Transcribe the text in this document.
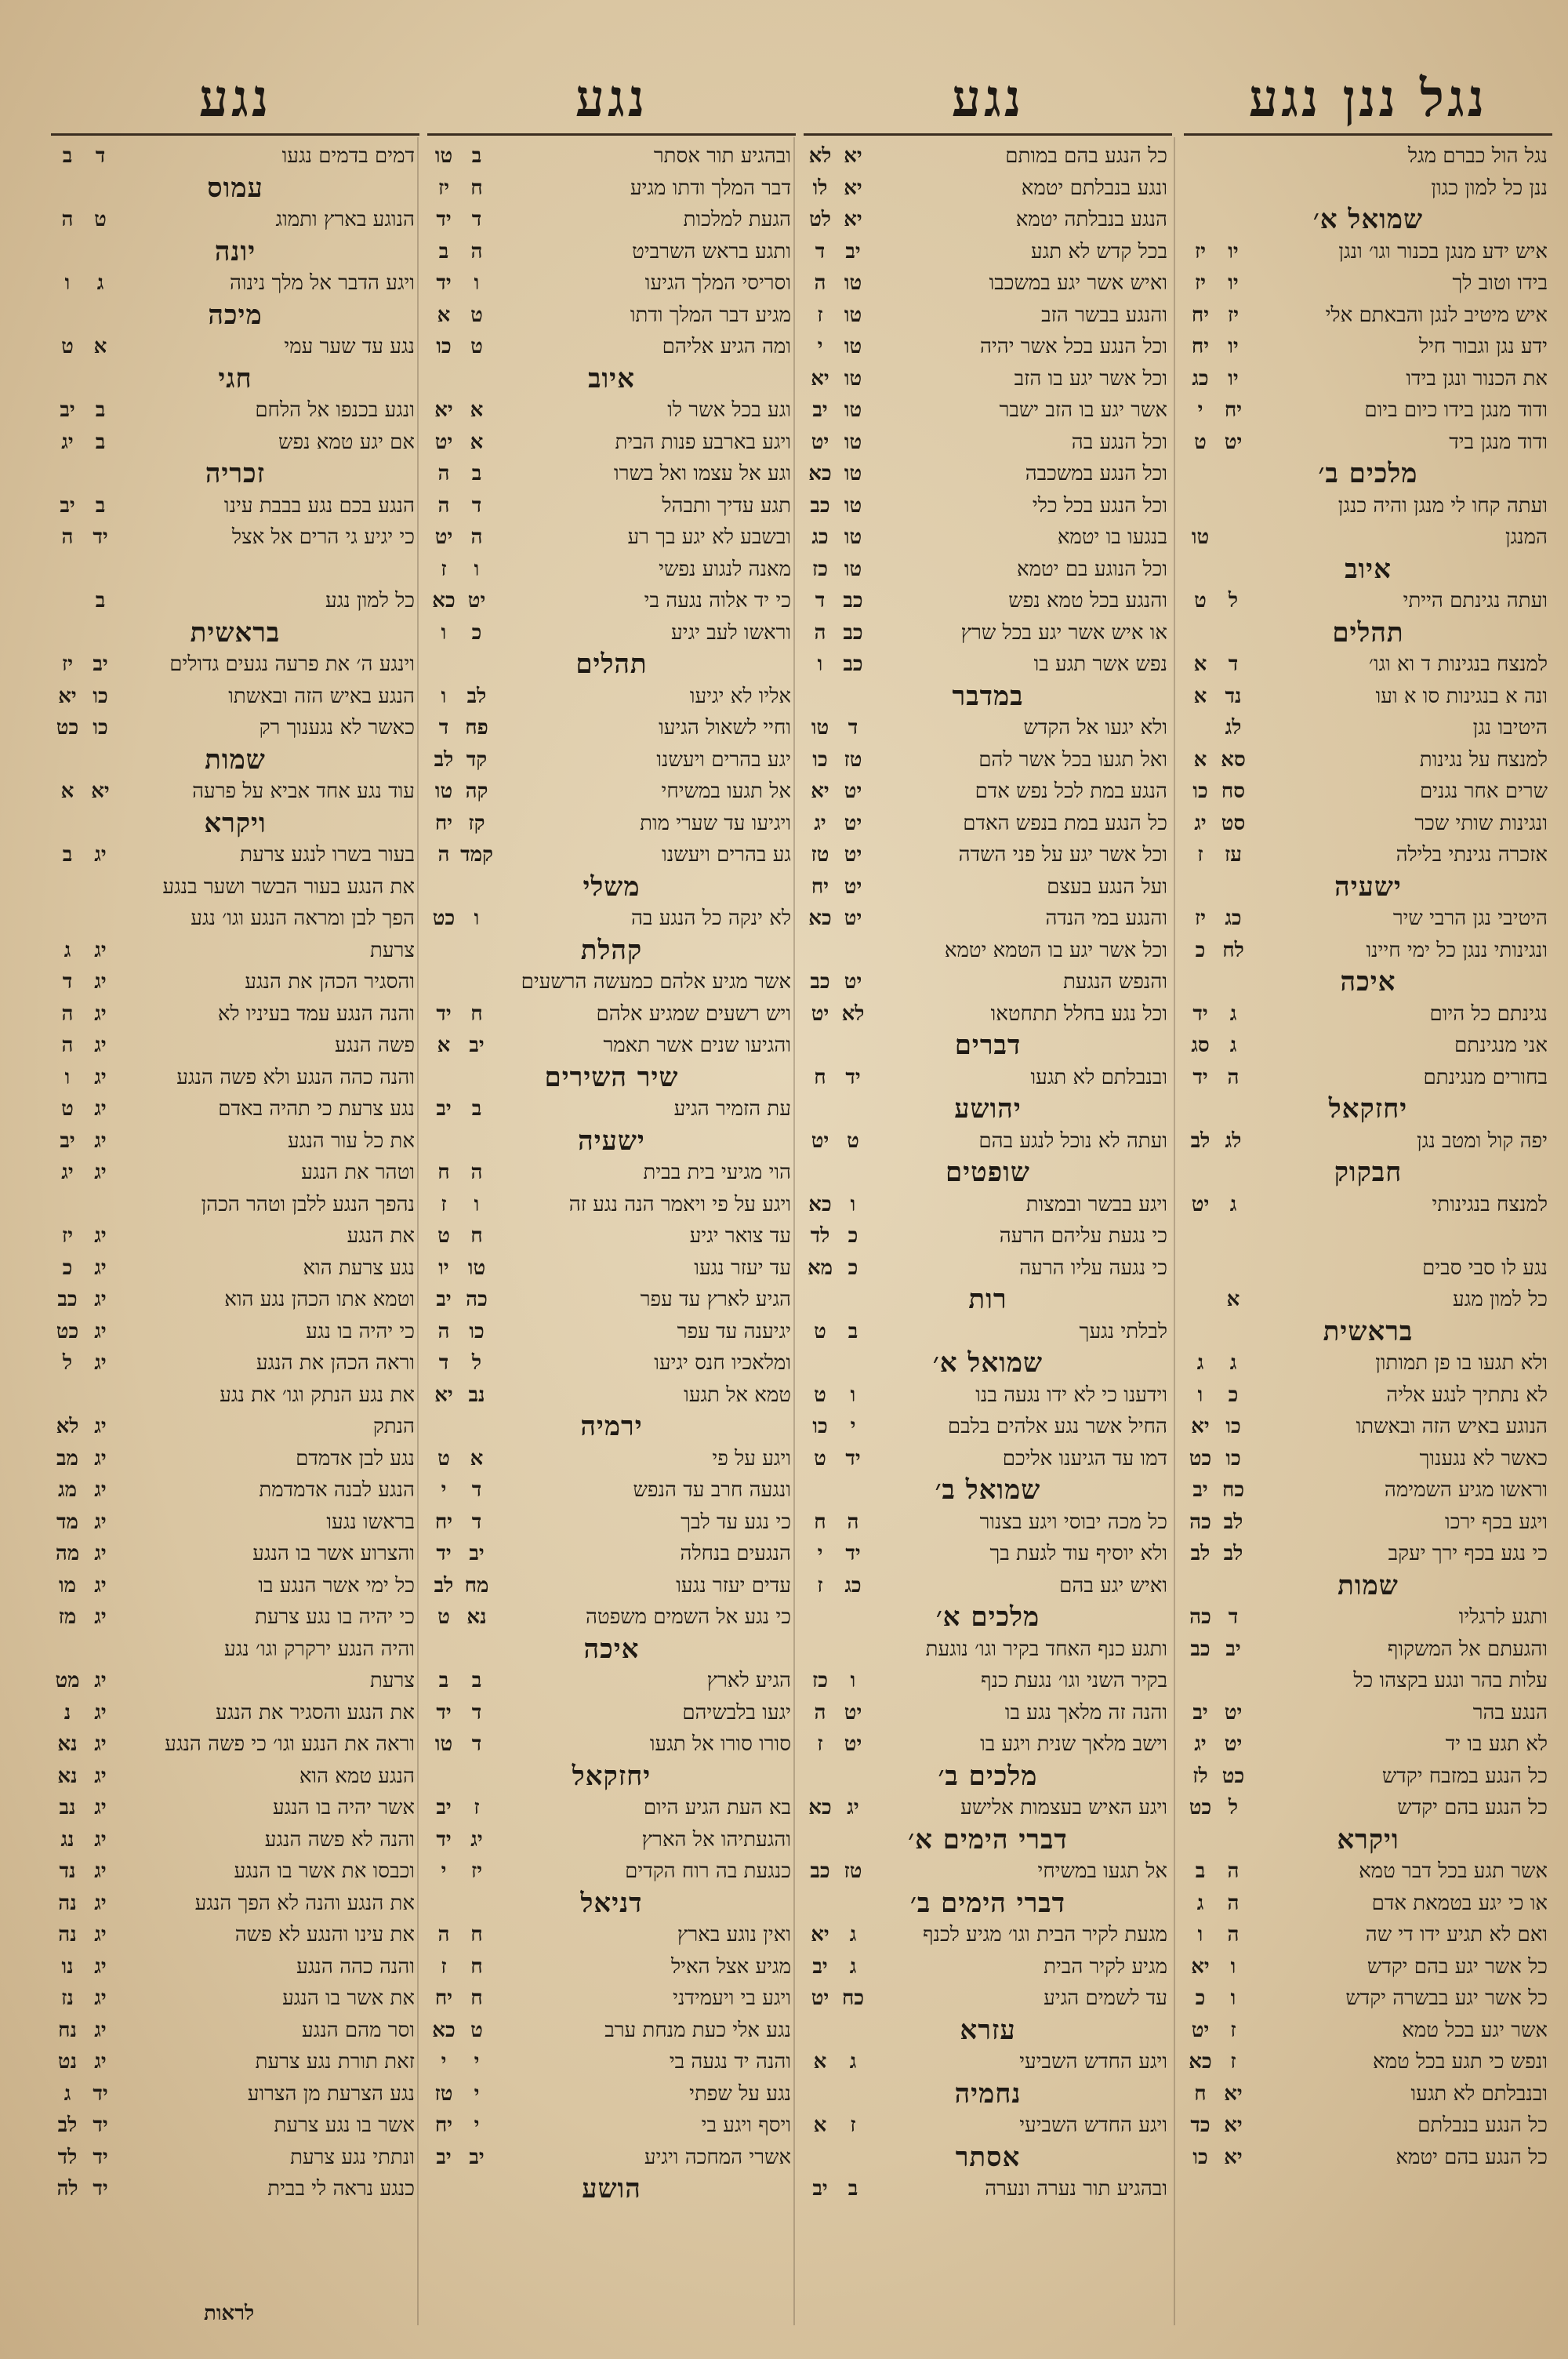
נגל ננן נגע
נגל הול כברם מגל
ננן כל למון כגון
שמואל א׳
איש ידע מנגן בכנור וגו׳ ונגן
יו
יז
בידו וטוב לך
יו
יז
איש מיטיב לנגן והבאתם אלי
יז
יח
ידע נגן וגבור חיל
יו
יח
את הכנור ונגן בידו
יו
כג
ודוד מנגן בידו כיום ביום
יח
י
ודוד מנגן ביד
יט
ט
מלכים ב׳
ועתה קחו לי מנגן והיה כנגן
המנגן
טו
איוב
ועתה נגינתם הייתי
ל
ט
תהלים
למנצח בנגינות ד וא וגו׳
ד
א
ונה א בנגינות סו א ועו
נד
א
היטיבו נגן
לג
למנצח על נגינות
סא
א
שרים אחר נגנים
סח
כו
ונגינות שותי שכר
סט
יג
אזכרה נגינתי בלילה
עז
ז
ישעיה
היטיבי נגן הרבי שיר
כג
יז
ונגינותי ננגן כל ימי חיינו
לח
כ
איכה
נגינתם כל היום
ג
יד
אני מנגינתם
ג
סג
בחורים מנגינתם
ה
יד
יחזקאל
יפה קול ומטב נגן
לג
לב
חבקוק
למנצח בנגינותי
ג
יט
נגע לו סבי סבים
כל למון מגע
א
בראשית
ולא תגעו בו פן תמותון
ג
ג
לא נתתיך לנגע אליה
כ
ו
הנוגע באיש הזה ובאשתו
כו
יא
כאשר לא נגענוך
כו
כט
וראשו מגיע השמימה
כח
יב
ויגע בכף ירכו
לב
כה
כי נגע בכף ירך יעקב
לב
לב
שמות
ותגע לרגליו
ד
כה
והגעתם אל המשקוף
יב
כב
עלות בהר ונגע בקצהו כל
הנגע בהר
יט
יב
לא תגע בו יד
יט
יג
כל הנגע במזבח יקדש
כט
לז
כל הנגע בהם יקדש
ל
כט
ויקרא
אשר תגע בכל דבר טמא
ה
ב
או כי יגע בטמאת אדם
ה
ג
ואם לא תגיע ידו די שה
ה
ו
כל אשר יגע בהם יקדש
ו
יא
כל אשר יגע בבשרה יקדש
ו
כ
אשר יגע בכל טמא
ז
יט
ונפש כי תגע בכל טמא
ז
כא
ובנבלתם לא תגעו
יא
ח
כל הנגע בנבלתם
יא
כד
כל הנגע בהם יטמא
יא
כו
נגע
כל הנגע בהם במותם
יא
לא
ונגע בנבלתם יטמא
יא
לו
הנגע בנבלתה יטמא
יא
לט
בכל קדש לא תגע
יב
ד
ואיש אשר יגע במשכבו
טו
ה
והנגע בבשר הזב
טו
ז
וכל הנגע בכל אשר יהיה
טו
י
וכל אשר יגע בו הזב
טו
יא
אשר יגע בו הזב ישבר
טו
יב
וכל הנגע בה
טו
יט
וכל הנגע במשכבה
טו
כא
וכל הנגע בכל כלי
טו
כב
בנגעו בו יטמא
טו
כג
וכל הנוגע בם יטמא
טו
כז
והנגע בכל טמא נפש
כב
ד
או איש אשר יגע בכל שרץ
כב
ה
נפש אשר תגע בו
כב
ו
במדבר
ולא יגעו אל הקדש
ד
טו
ואל תגעו בכל אשר להם
טז
כו
הנגע במת לכל נפש אדם
יט
יא
כל הנגע במת בנפש האדם
יט
יג
וכל אשר יגע על פני השדה
יט
טז
ועל הנגע בעצם
יט
יח
והנגע במי הנדה
יט
כא
וכל אשר יגע בו הטמא יטמא
והנפש הנגעת
יט
כב
וכל נגע בחלל תתחטאו
לא
יט
דברים
ובנבלתם לא תגעו
יד
ח
יהושע
ועתה לא נוכל לנגע בהם
ט
יט
שופטים
ויגע בבשר ובמצות
ו
כא
כי נגעת עליהם הרעה
כ
לד
כי נגעה עליו הרעה
כ
מא
רות
לבלתי נגעך
ב
ט
שמואל א׳
וידענו כי לא ידו נגעה בנו
ו
ט
החיל אשר נגע אלהים בלבם
י
כו
דמו עד הגיענו אליכם
יד
ט
שמואל ב׳
כל מכה יבוסי ויגע בצנור
ה
ח
ולא יוסיף עוד לגעת בך
יד
י
ואיש יגע בהם
כג
ז
מלכים א׳
ותגע כנף האחד בקיר וגו׳ נוגעת
בקיר השני וגו׳ נגעת כנף
ו
כז
והנה זה מלאך נגע בו
יט
ה
וישב מלאך שנית ויגע בו
יט
ז
מלכים ב׳
ויגע האיש בעצמות אלישע
יג
כא
דברי הימים א׳
אל תגעו במשיחי
טז
כב
דברי הימים ב׳
מגעת לקיר הבית וגו׳ מגיע לכנף
ג
יא
מגיע לקיר הבית
ג
יב
עד לשמים הגיע
כח
יט
עזרא
ויגע החדש השביעי
ג
א
נחמיה
ויגע החדש השביעי
ז
א
אסתר
ובהגיע תור נערה ונערה
ב
יב
נגע
ובהגיע תור אסתר
ב
טו
דבר המלך ודתו מגיע
ח
יז
הגעת למלכות
ד
יד
ותגע בראש השרביט
ה
ב
וסריסי המלך הגיעו
ו
יד
מגיע דבר המלך ודתו
ט
א
ומה הגיע אליהם
ט
כו
איוב
וגע בכל אשר לו
א
יא
ויגע בארבע פנות הבית
א
יט
וגע אל עצמו ואל בשרו
ב
ה
תגע עדיך ותבהל
ד
ה
ובשבע לא יגע בך רע
ה
יט
מאנה לנגוע נפשי
ו
ז
כי יד אלוה נגעה בי
יט
כא
וראשו לעב יגיע
כ
ו
תהלים
אליו לא יגיעו
לב
ו
וחיי לשאול הגיעו
פח
ד
יגע בהרים ויעשנו
קד
לב
אל תגעו במשיחי
קה
טו
ויגיעו עד שערי מות
קז
יח
גע בהרים ויעשנו
קמד
ה
משלי
לא ינקה כל הנגע בה
ו
כט
קהלת
אשר מגיע אלהם כמעשה הרשעים
ויש רשעים שמגיע אלהם
ח
יד
והגיעו שנים אשר תאמר
יב
א
שיר השירים
עת הזמיר הגיע
ב
יב
ישעיה
הוי מגיעי בית בבית
ה
ח
ויגע על פי ויאמר הנה נגע זה
ו
ז
עד צואר יגיע
ח
ט
עד יעזר נגעו
טו
יו
הגיע לארץ עד עפר
כה
יב
יגיענה עד עפר
כו
ה
ומלאכיו חנס יגיעו
ל
ד
טמא אל תגעו
נב
יא
ירמיה
ויגע על פי
א
ט
ונגעה חרב עד הנפש
ד
י
כי נגע עד לבך
ד
יח
הנגעים בנחלה
יב
יד
עדים יעזר נגעו
מח
לב
כי נגע אל השמים משפטה
נא
ט
איכה
הגיע לארץ
ב
ב
יגעו בלבשיהם
ד
יד
סורו סורו אל תגעו
ד
טו
יחזקאל
בא העת הגיע היום
ז
יב
והגעתיהו אל הארץ
יג
יד
כנגעת בה רוח הקדים
יז
י
דניאל
ואין נוגע בארץ
ח
ה
מגיע אצל האיל
ח
ז
ויגע בי ויעמידני
ח
יח
נגע אלי כעת מנחת ערב
ט
כא
והנה יד נגעה בי
י
י
נגע על שפתי
י
טז
ויסף ויגע בי
י
יח
אשרי המחכה ויגיע
יב
יב
הושע
נגע
דמים בדמים נגעו
ד
ב
עמוס
הנוגע בארץ ותמוג
ט
ה
יונה
ויגע הדבר אל מלך נינוה
ג
ו
מיכה
נגע עד שער עמי
א
ט
חגי
ונגע בכנפו אל הלחם
ב
יב
אם יגע טמא נפש
ב
יג
זכריה
הנגע בכם נגע בבבת עינו
ב
יב
כי יגיע גי הרים אל אצל
יד
ה
כל למון נגע
ב
בראשית
וינגע ה׳ את פרעה נגעים גדולים
יב
יז
הנגע באיש הזה ובאשתו
כו
יא
כאשר לא נגענוך רק
כו
כט
שמות
עוד נגע אחד אביא על פרעה
יא
א
ויקרא
בעור בשרו לנגע צרעת
יג
ב
את הנגע בעור הבשר ושער בנגע
הפך לבן ומראה הנגע וגו׳ נגע
צרעת
יג
ג
והסגיר הכהן את הנגע
יג
ד
והנה הנגע עמד בעיניו לא
יג
ה
פשה הנגע
יג
ה
והנה כהה הנגע ולא פשה הנגע
יג
ו
נגע צרעת כי תהיה באדם
יג
ט
את כל עור הנגע
יג
יב
וטהר את הנגע
יג
יג
נהפך הנגע ללבן וטהר הכהן
את הנגע
יג
יז
נגע צרעת הוא
יג
כ
וטמא אתו הכהן נגע הוא
יג
כב
כי יהיה בו נגע
יג
כט
וראה הכהן את הנגע
יג
ל
את נגע הנתק וגו׳ את נגע
הנתק
יג
לא
נגע לבן אדמדם
יג
מב
הנגע לבנה אדמדמת
יג
מג
בראשו נגעו
יג
מד
והצרוע אשר בו הנגע
יג
מה
כל ימי אשר הנגע בו
יג
מו
כי יהיה בו נגע צרעת
יג
מז
והיה הנגע ירקרק וגו׳ נגע
צרעת
יג
מט
את הנגע והסגיר את הנגע
יג
נ
וראה את הנגע וגו׳ כי פשה הנגע
יג
נא
הנגע טמא הוא
יג
נא
אשר יהיה בו הנגע
יג
נב
והנה לא פשה הנגע
יג
נג
וכבסו את אשר בו הנגע
יג
נד
את הנגע והנה לא הפך הנגע
יג
נה
את עינו והנגע לא פשה
יג
נה
והנה כהה הנגע
יג
נו
את אשר בו הנגע
יג
נז
וסר מהם הנגע
יג
נח
זאת תורת נגע צרעת
יג
נט
נגע הצרעת מן הצרוע
יד
ג
אשר בו נגע צרעת
יד
לב
ונתתי נגע צרעת
יד
לד
כנגע נראה לי בבית
יד
לה
לראות
